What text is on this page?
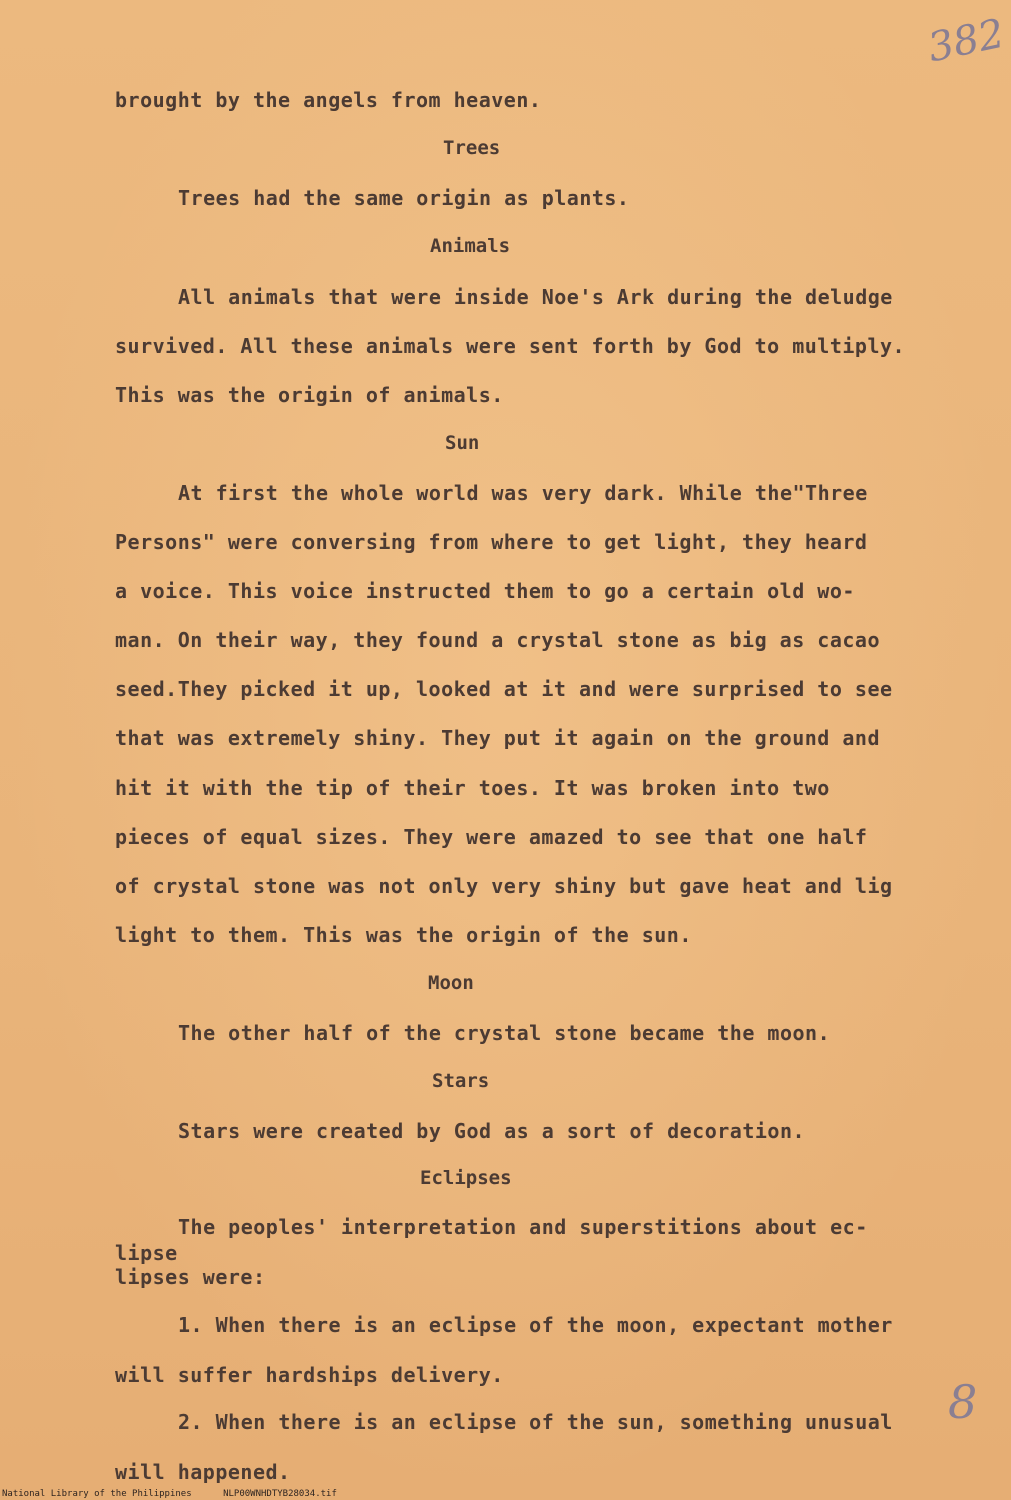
382
brought by the angels from heaven.
Trees
Trees had the same origin as plants.
Animals
All animals that were inside Noe's Ark during the deludge
survived. All these animals were sent forth by God to multiply.
This was the origin of animals.
Sun
At first the whole world was very dark. While the"Three
Persons" were conversing from where to get light, they heard
a voice. This voice instructed them to go a certain old wo-
man. On their way, they found a crystal stone as big as cacao
seed.They picked it up, looked at it and were surprised to see
that was extremely shiny. They put it again on the ground and
hit it with the tip of their toes. It was broken into two
pieces of equal sizes. They were amazed to see that one half
of crystal stone was not only very shiny but gave heat and lig
light to them. This was the origin of the sun.
Moon
The other half of the crystal stone became the moon.
Stars
Stars were created by God as a sort of decoration.
Eclipses
The peoples' interpretation and superstitions about ec-
lipse
lipses were:
1. When there is an eclipse of the moon, expectant mother
will suffer hardships delivery.
2. When there is an eclipse of the sun, something unusual
will happened.
8
National Library of the Philippines	NLP00WNHDTYB28034.tif
